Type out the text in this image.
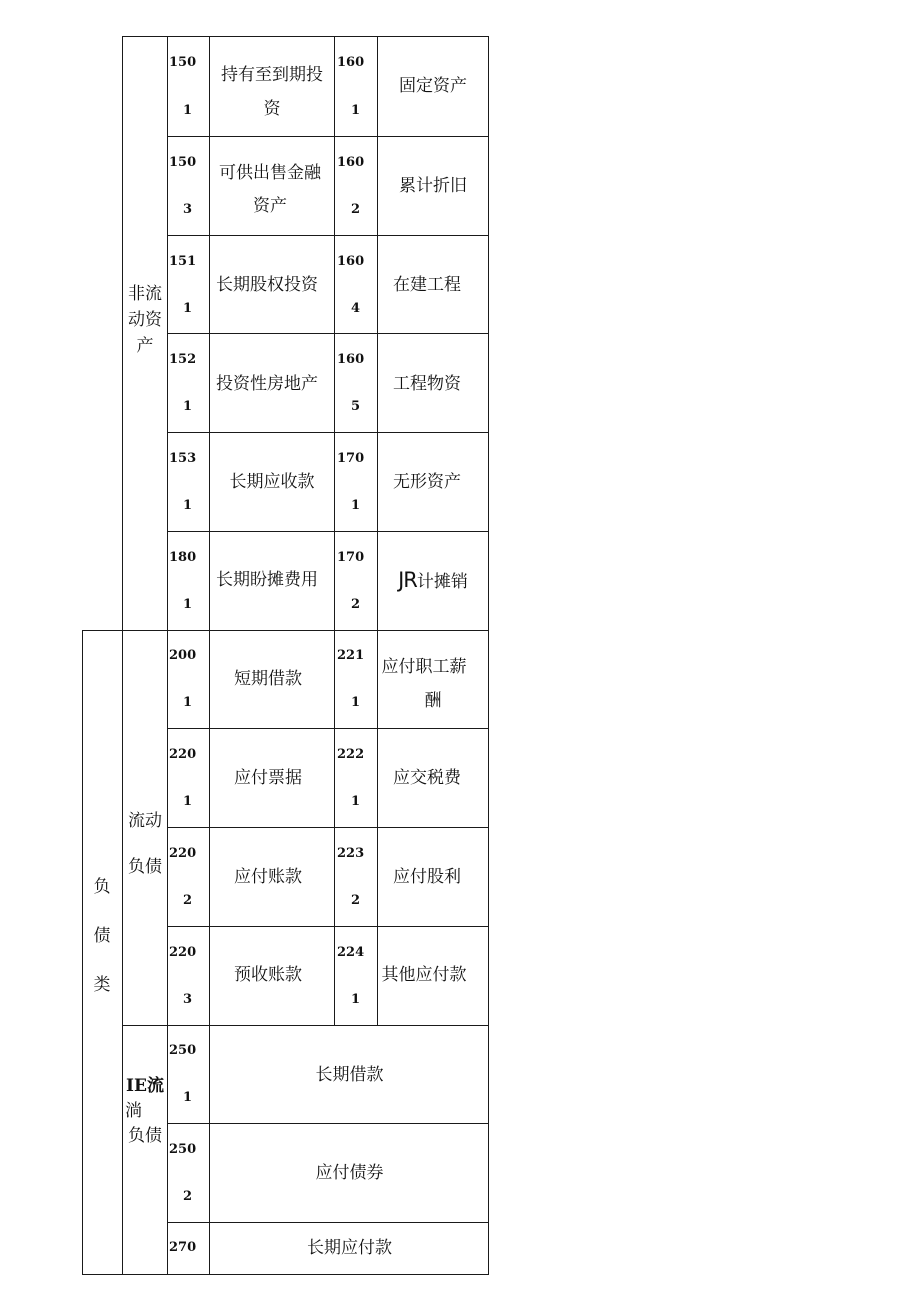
非流
动资
产
150
1
持有至到期投
资
160
1
固定资产
150
3
可供出售金融
资产
160
2
累计折旧
151
1
长期股权投资
160
4
在建工程
152
1
投资性房地产
160
5
工程物资
153
1
长期应收款
170
1
无形资产
180
1
长期盼摊费用
170
2
JR计摊销
负
债
类
流动
负债
200
1
短期借款
221
1
应付职工薪
酬
220
1
应付票据
222
1
应交税费
220
2
应付账款
223
2
应付股利
220
3
预收账款
224
1
其他应付款
IE流
淌
负债
250
1
长期借款
250
2
应付债券
270	长期应付款
